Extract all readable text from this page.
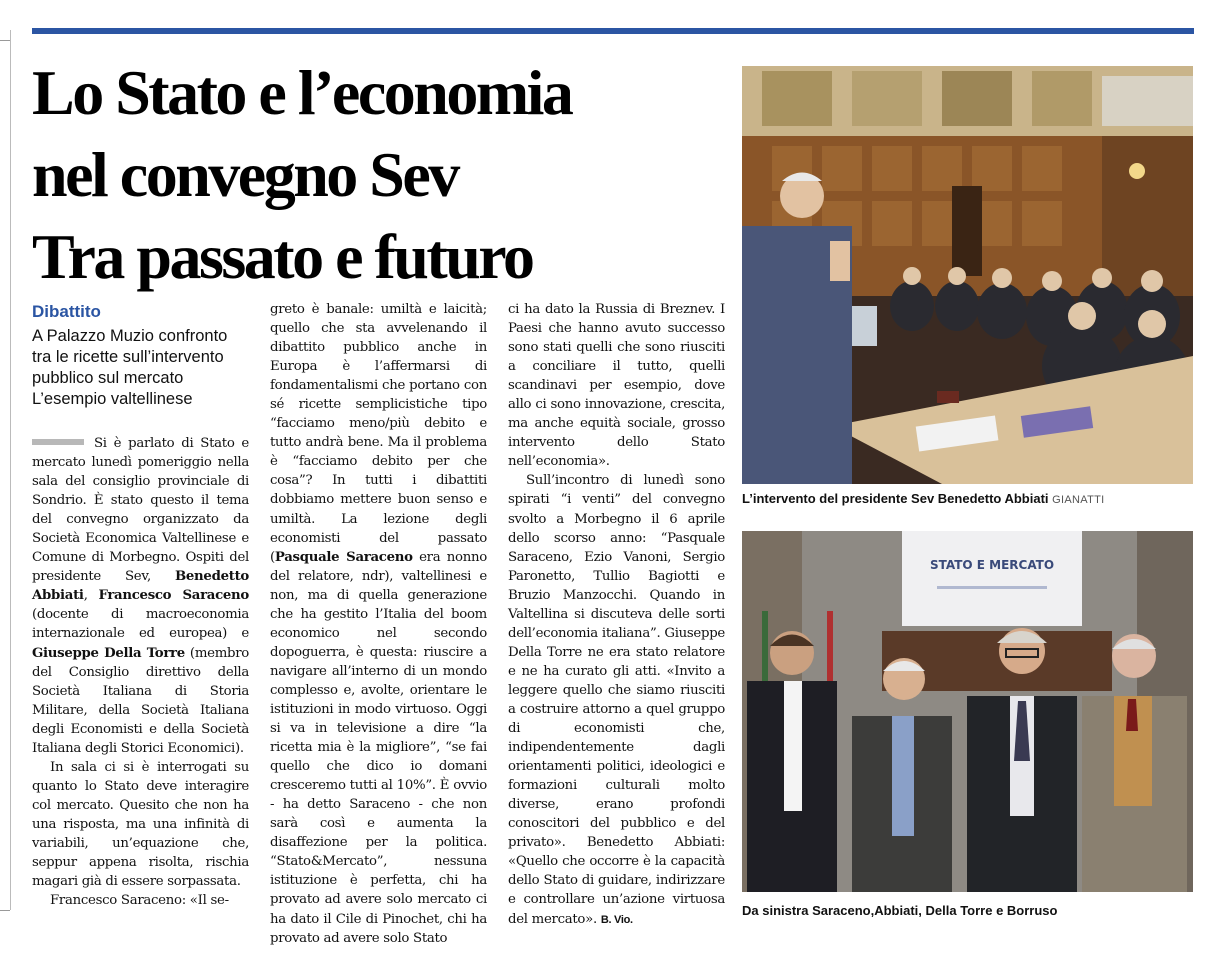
Lo Stato e l’economia
nel convegno Sev
Tra passato e futuro
Dibattito
A Palazzo Muzio confronto
tra le ricette sull’intervento
pubblico sul mercato
L’esempio valtellinese

Si è parlato di Stato e mercato lunedì pomeriggio nella sala del consiglio provinciale di Sondrio. È stato questo il tema del convegno organizzato da Società Economica Valtellinese e Comune di Morbegno. Ospiti del presidente Sev, Benedetto Abbiati, Francesco Saraceno (docente di macroeconomia internazionale ed europea) e Giuseppe Della Torre (membro del Consiglio direttivo della Società Italiana di Storia Militare, della Società Italiana degli Economisti e della Società Italiana degli Storici Economici).

In sala ci si è interrogati su quanto lo Stato deve interagire col mercato. Quesito che non ha una risposta, ma una infinità di variabili, un’equazione che, seppur appena risolta, rischia magari già di essere sorpassata.

Francesco Saraceno: «Il se-

greto è banale: umiltà e laicità; quello che sta avvelenando il dibattito pubblico anche in Europa è l’affermarsi di fondamentalismi che portano con sé ricette semplicistiche tipo “facciamo meno/più debito e tutto andrà bene. Ma il problema è “facciamo debito per che cosa”? In tutti i dibattiti dobbiamo mettere buon senso e umiltà. La lezione degli economisti del passato (Pasquale Saraceno era nonno del relatore, ndr), valtellinesi e non, ma di quella generazione che ha gestito l’Italia del boom economico nel secondo dopoguerra, è questa: riuscire a navigare all’interno di un mondo complesso e, avolte, orientare le istituzioni in modo virtuoso. Oggi si va in televisione a dire “la ricetta mia è la migliore”, “se fai quello che dico io domani cresceremo tutti al 10%”. È ovvio - ha detto Saraceno - che non sarà così e aumenta la disaffezione per la politica. “Stato&Mercato”, nessuna istituzione è perfetta, chi ha provato ad avere solo mercato ci ha dato il Cile di Pinochet, chi ha provato ad avere solo Stato

ci ha dato la Russia di Breznev. I Paesi che hanno avuto successo sono stati quelli che sono riusciti a conciliare il tutto, quelli scandinavi per esempio, dove allo ci sono innovazione, crescita, ma anche equità sociale, grosso intervento dello Stato nell’economia».

Sull’incontro di lunedì sono spirati “i venti” del convegno svolto a Morbegno il 6 aprile dello scorso anno: “Pasquale Saraceno, Ezio Vanoni, Sergio Paronetto, Tullio Bagiotti e Bruzio Manzocchi. Quando in Valtellina si discuteva delle sorti dell’economia italiana”. Giuseppe Della Torre ne era stato relatore e ne ha curato gli atti. «Invito a leggere quello che siamo riusciti a costruire attorno a quel gruppo di economisti che, indipendentemente dagli orientamenti politici, ideologici e formazioni culturali molto diverse, erano profondi conoscitori del pubblico e del privato». Benedetto Abbiati: «Quello che occorre è la capacità dello Stato di guidare, indirizzare e controllare un’azione virtuosa del mercato». B. Vio.

L’intervento del presidente Sev Benedetto Abbiati GIANATTI
STATO E MERCATO
Da sinistra Saraceno,Abbiati, Della Torre e Borruso
